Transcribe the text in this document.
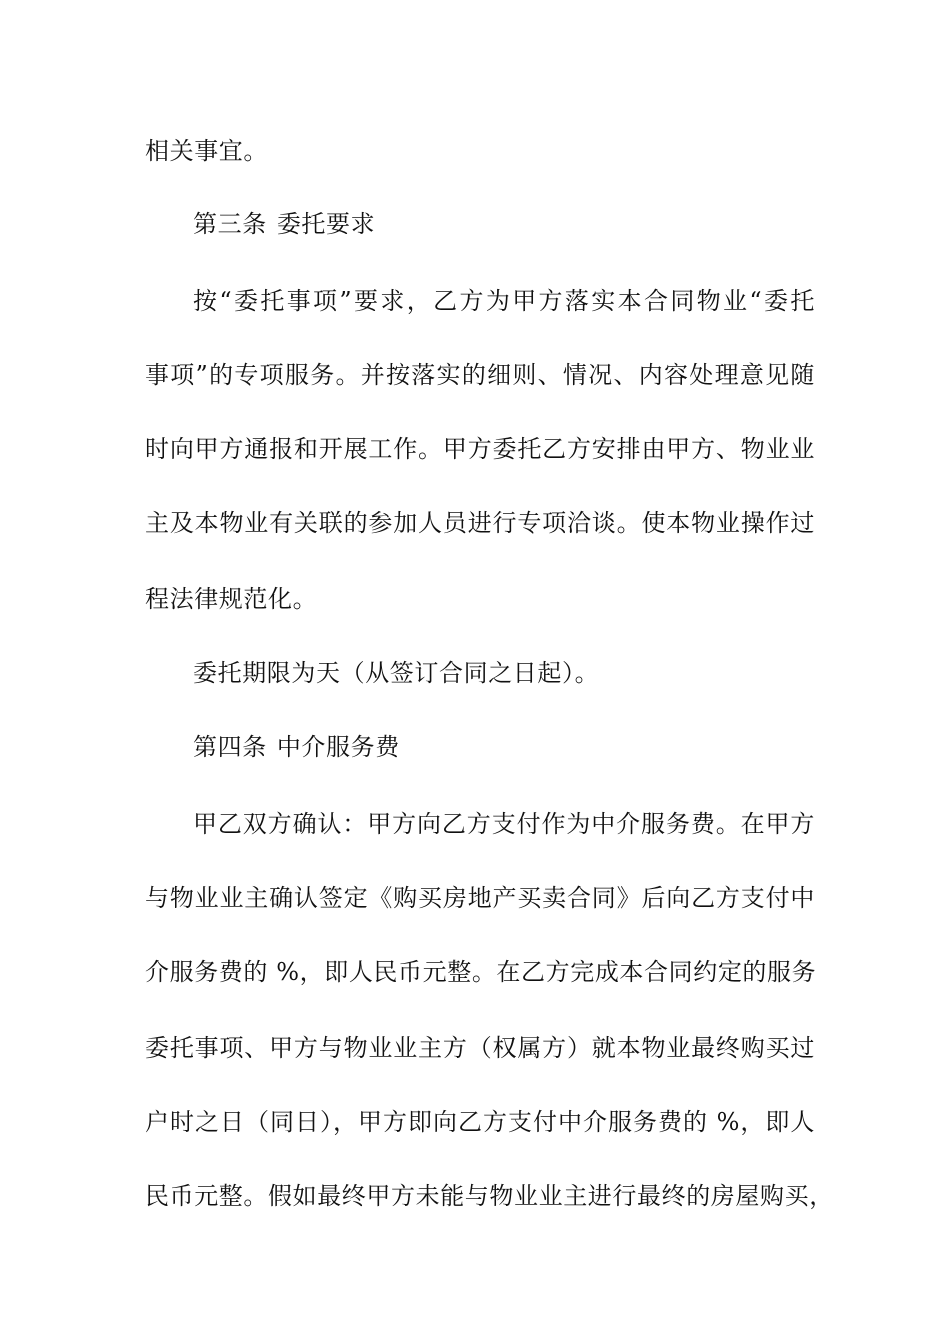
相关事宜。
第三条 委托要求
按“委托事项”要求，乙方为甲方落实本合同物业“委托
事项”的专项服务。并按落实的细则、情况、内容处理意见随
时向甲方通报和开展工作。甲方委托乙方安排由甲方、物业业
主及本物业有关联的参加人员进行专项洽谈。使本物业操作过
程法律规范化。
委托期限为天（从签订合同之日起）。
第四条 中介服务费
甲乙双方确认：甲方向乙方支付作为中介服务费。在甲方
与物业业主确认签定《购买房地产买卖合同》后向乙方支付中
介服务费的 %，即人民币元整。在乙方完成本合同约定的服务
委托事项、甲方与物业业主方（权属方）就本物业最终购买过
户时之日（同日），甲方即向乙方支付中介服务费的 %，即人
民币元整。假如最终甲方未能与物业业主进行最终的房屋购买，
